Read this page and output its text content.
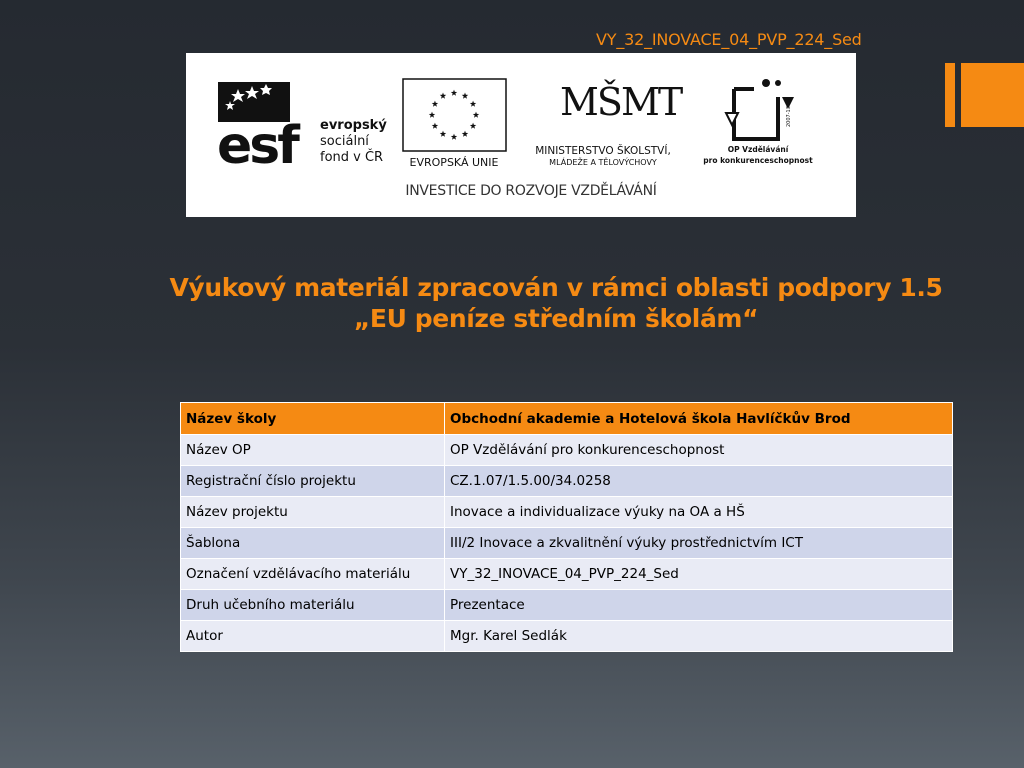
VY_32_INOVACE_04_PVP_224_Sed
esf	evropský
sociální
fond v ČR EVROPSKÁ UNIE
MŠMT
MINISTERSTVO ŠKOLSTVÍ,
MLÁDEŽE A TĚLOVÝCHOVY
2007-13
OP Vzdělávání
pro konkurenceschopnost
INVESTICE DO ROZVOJE VZDĚLÁVÁNÍ
Výukový materiál zpracován v rámci oblasti podpory 1.5
„EU peníze středním školám“
Název školy	Obchodní akademie a Hotelová škola Havlíčkův Brod
Název OP	OP Vzdělávání pro konkurenceschopnost
Registrační číslo projektu	CZ.1.07/1.5.00/34.0258
Název projektu	Inovace a individualizace výuky na OA a HŠ
Šablona	III/2 Inovace a zkvalitnění výuky prostřednictvím ICT
Označení vzdělávacího materiálu	VY_32_INOVACE_04_PVP_224_Sed
Druh učebního materiálu	Prezentace
Autor	Mgr. Karel Sedlák
